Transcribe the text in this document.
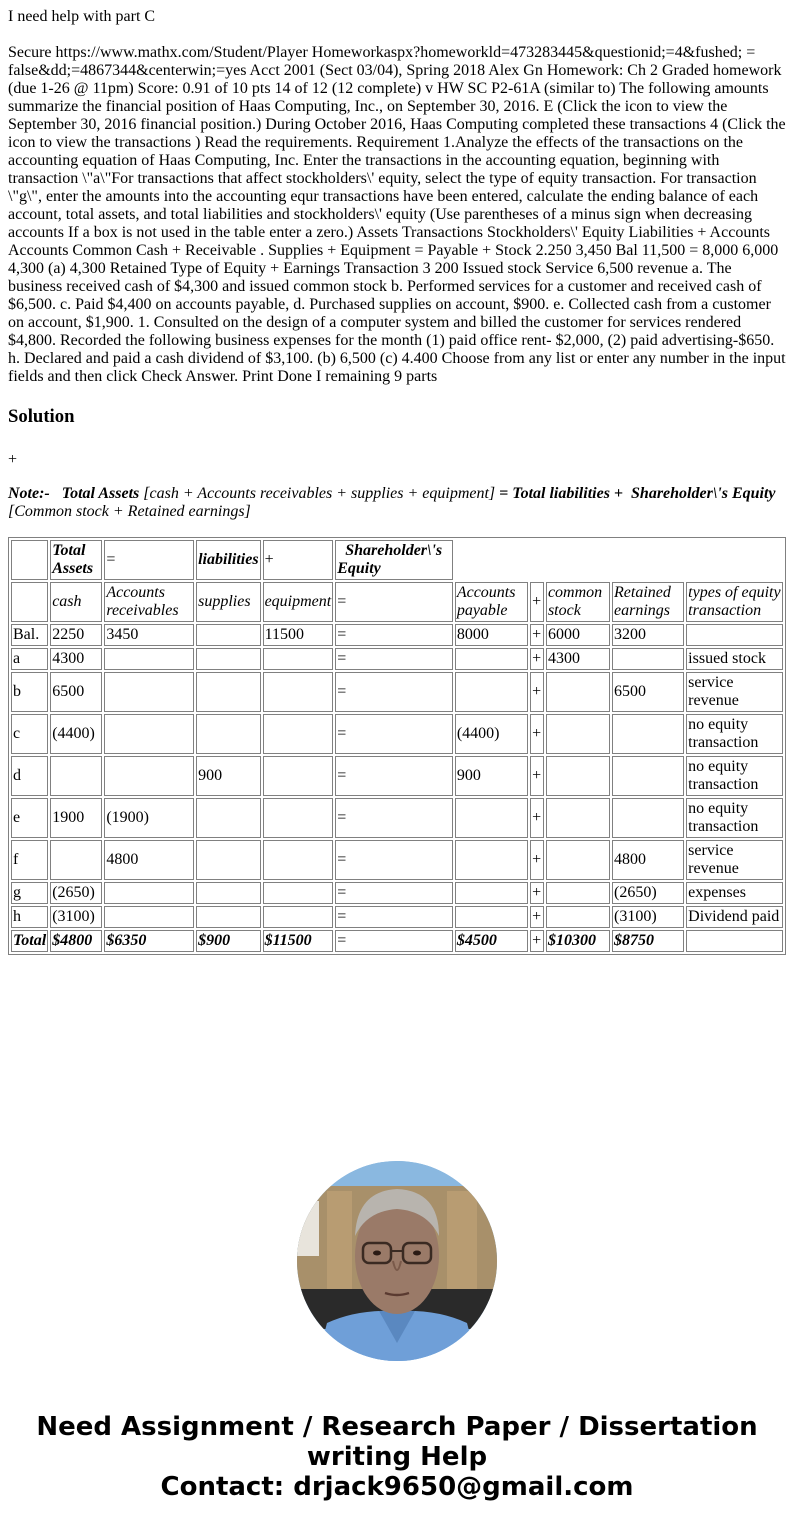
I need help with part C

Secure https://www.mathx.com/Student/Player Homeworkaspx?homeworkld=473283445&questionid;=4&fushed; = false&dd;=4867344&centerwin;=yes Acct 2001 (Sect 03/04), Spring 2018 Alex Gn Homework: Ch 2 Graded homework (due 1-26 @ 11pm) Score: 0.91 of 10 pts 14 of 12 (12 complete) v HW SC P2-61A (similar to) The following amounts summarize the financial position of Haas Computing, Inc., on September 30, 2016. E (Click the icon to view the September 30, 2016 financial position.) During October 2016, Haas Computing completed these transactions 4 (Click the icon to view the transactions ) Read the requirements. Requirement 1.Analyze the effects of the transactions on the accounting equation of Haas Computing, Inc. Enter the transactions in the accounting equation, beginning with transaction \"a\"For transactions that affect stockholders\' equity, select the type of equity transaction. For transaction \"g\", enter the amounts into the accounting equr transactions have been entered, calculate the ending balance of each account, total assets, and total liabilities and stockholders\' equity (Use parentheses of a minus sign when decreasing accounts If a box is not used in the table enter a zero.) Assets Transactions Stockholders\' Equity Liabilities + Accounts Accounts Common Cash + Receivable . Supplies + Equipment = Payable + Stock 2.250 3,450 Bal 11,500 = 8,000 6,000 4,300 (a) 4,300 Retained Type of Equity + Earnings Transaction 3 200 Issued stock Service 6,500 revenue a. The business received cash of $4,300 and issued common stock b. Performed services for a customer and received cash of $6,500. c. Paid $4,400 on accounts payable, d. Purchased supplies on account, $900. e. Collected cash from a customer on account, $1,900. 1. Consulted on the design of a computer system and billed the customer for services rendered $4,800. Recorded the following business expenses for the month (1) paid office rent- $2,000, (2) paid advertising-$650. h. Declared and paid a cash dividend of $3,100. (b) 6,500 (c) 4.400 Choose from any list or enter any number in the input fields and then click Check Answer. Print Done I remaining 9 parts

Solution

+

Note:- Total Assets [cash + Accounts receivables + supplies + equipment] = Total liabilities + Shareholder\'s Equity [Common stock + Retained earnings]

	Total Assets	=	liabilities	+	Shareholder\'s Equity					
	cash	Accounts receivables	supplies	equipment	=	Accounts payable	+	common stock	Retained earnings	types of equity transaction
Bal.	2250	3450		11500	=	8000	+	6000	3200	
a	4300				=		+	4300		issued stock
b	6500				=		+		6500	service revenue
c	(4400)				=	(4400)	+			no equity transaction
d			900		=	900	+			no equity transaction
e	1900	(1900)			=		+			no equity transaction
f		4800			=		+		4800	service revenue
g	(2650)				=		+		(2650)	expenses
h	(3100)				=		+		(3100)	Dividend paid
Total	$4800	$6350	$900	$11500	=	$4500	+	$10300	$8750	
Need Assignment / Research Paper / Dissertation
writing Help
Contact: drjack9650@gmail.com
